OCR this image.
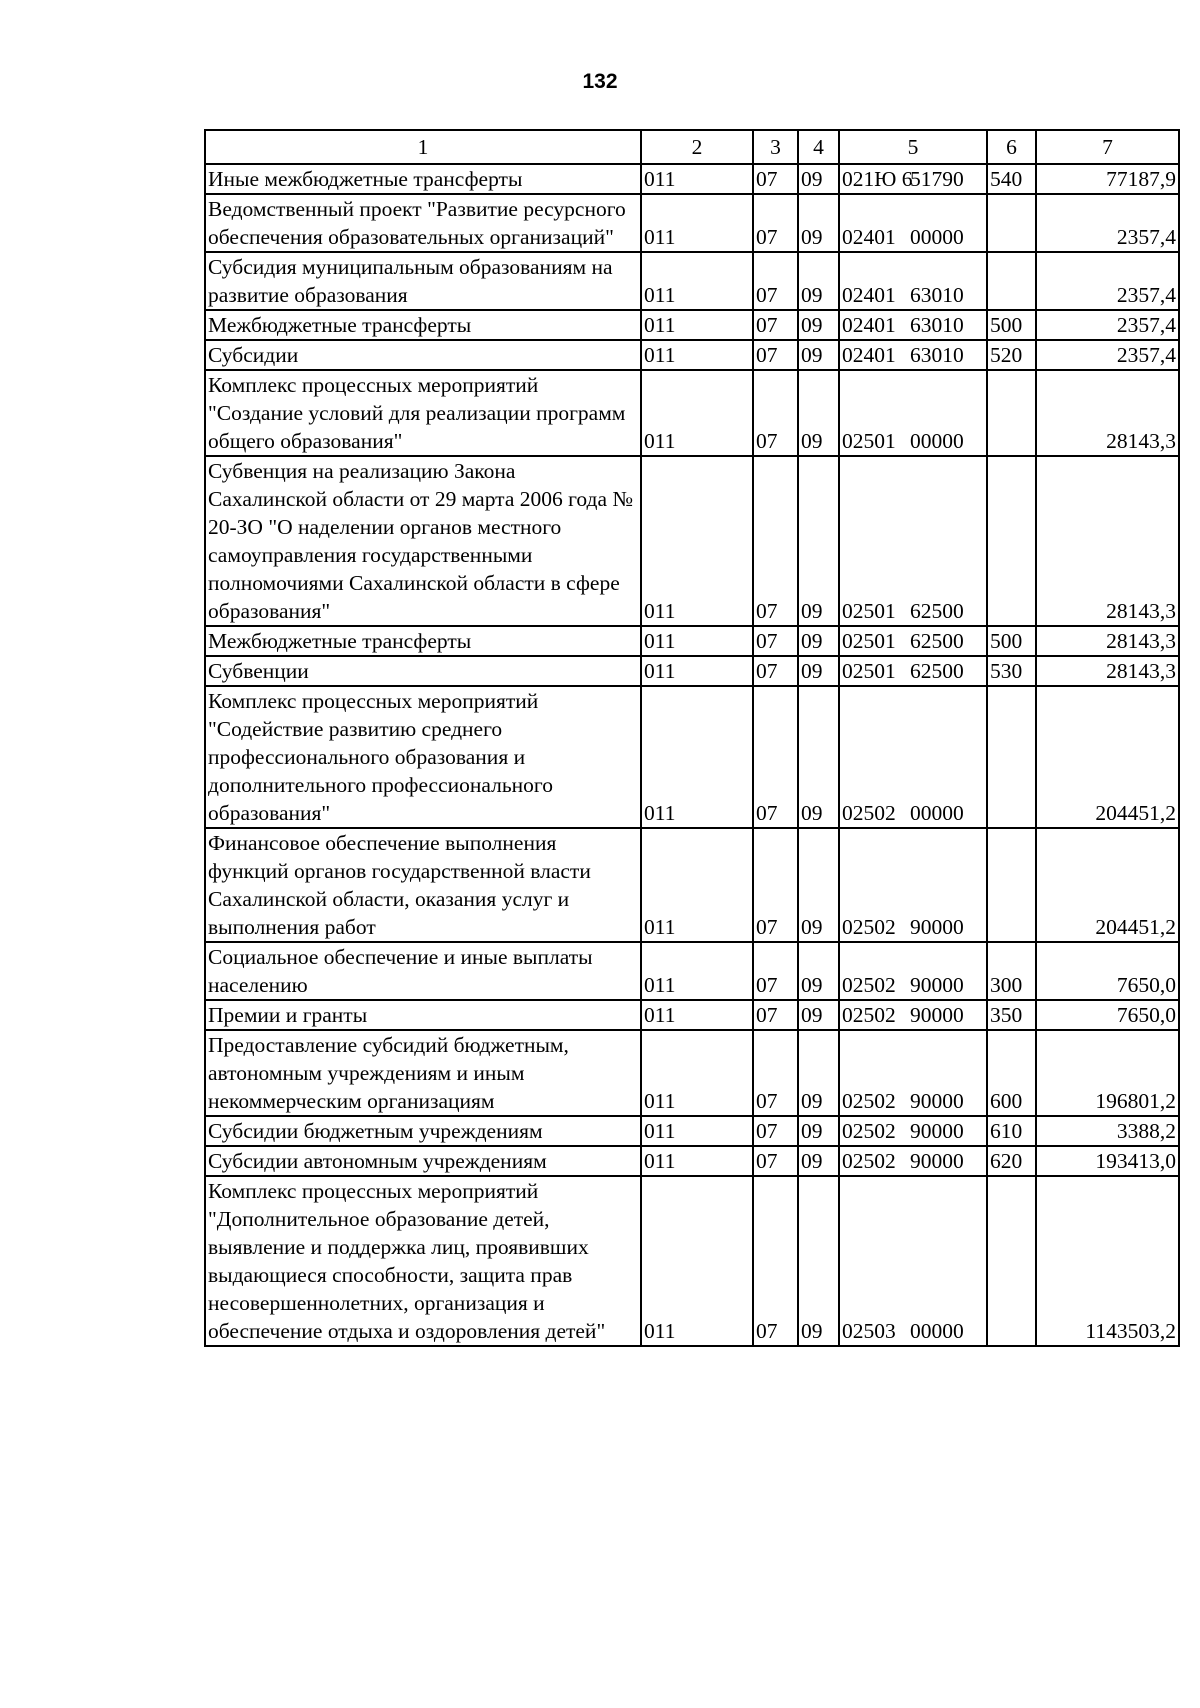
132
1	2	3	4	5	6	7
Иные межбюджетные трансферты	011	07	09	021Ю 651790	540	77187,9
Ведомственный проект "Развитие ресурсного обеспечения образовательных организаций"	011	07	09	02401 00000		2357,4
Субсидия муниципальным образованиям на развитие образования	011	07	09	02401 63010		2357,4
Межбюджетные трансферты	011	07	09	02401 63010	500	2357,4
Субсидии	011	07	09	02401 63010	520	2357,4
Комплекс процессных мероприятий "Создание условий для реализации программ общего образования"	011	07	09	02501 00000		28143,3
Субвенция на реализацию Закона Сахалинской области от 29 марта 2006 года № 20-ЗО "О наделении органов местного самоуправления государственными полномочиями Сахалинской области в сфере образования"	011	07	09	02501 62500		28143,3
Межбюджетные трансферты	011	07	09	02501 62500	500	28143,3
Субвенции	011	07	09	02501 62500	530	28143,3
Комплекс процессных мероприятий "Содействие развитию среднего профессионального образования и дополнительного профессионального образования"	011	07	09	02502 00000		204451,2
Финансовое обеспечение выполнения функций органов государственной власти Сахалинской области, оказания услуг и выполнения работ	011	07	09	02502 90000		204451,2
Социальное обеспечение и иные выплаты населению	011	07	09	02502 90000	300	7650,0
Премии и гранты	011	07	09	02502 90000	350	7650,0
Предоставление субсидий бюджетным, автономным учреждениям и иным некоммерческим организациям	011	07	09	02502 90000	600	196801,2
Субсидии бюджетным учреждениям	011	07	09	02502 90000	610	3388,2
Субсидии автономным учреждениям	011	07	09	02502 90000	620	193413,0
Комплекс процессных мероприятий "Дополнительное образование детей, выявление и поддержка лиц, проявивших выдающиеся способности, защита прав несовершеннолетних, организация и обеспечение отдыха и оздоровления детей"	011	07	09	02503 00000		1143503,2
